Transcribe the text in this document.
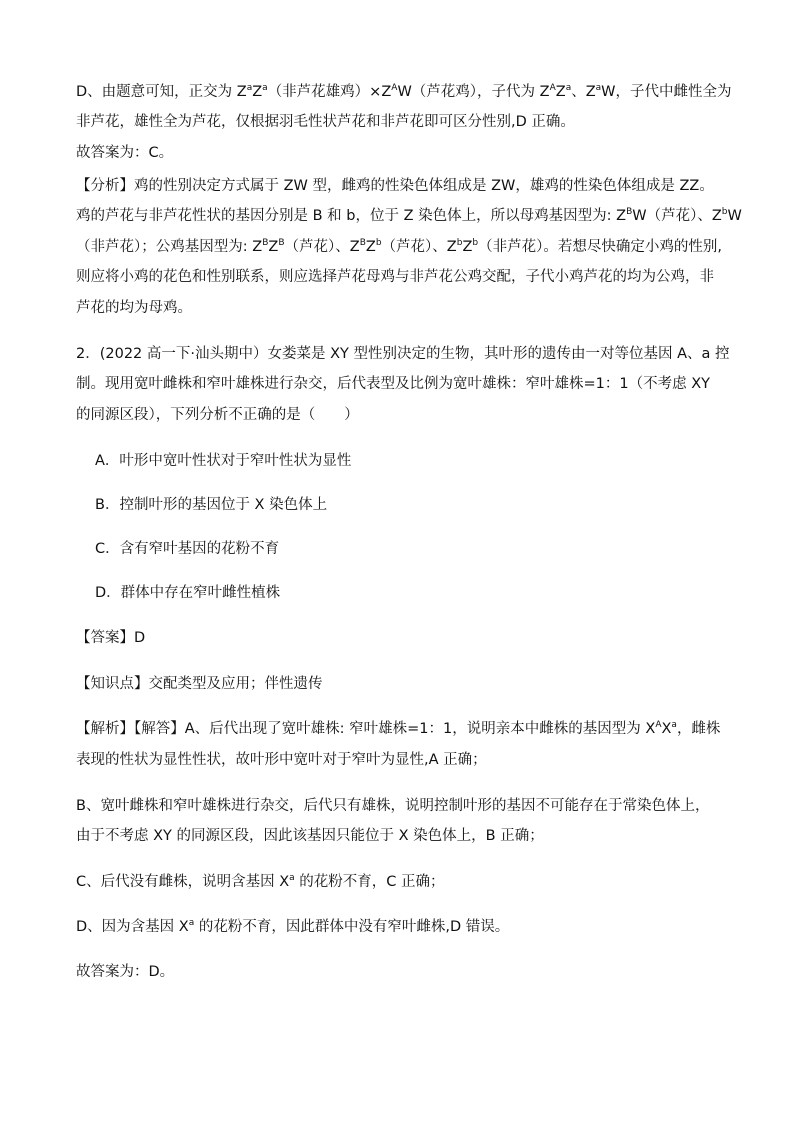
D、由题意可知，正交为 $Z^aZ^a$（非芦花雄鸡）$\times Z^AW$（芦花鸡），子代为 $Z^AZ^a$、$Z^aW$，子代中雌性全为
非芦花，雄性全为芦花，仅根据羽毛性状芦花和非芦花即可区分性别,D 正确。
故答案为：C。
【分析】鸡的性别决定方式属于 ZW 型，雌鸡的性染色体组成是 ZW，雄鸡的性染色体组成是 ZZ。
鸡的芦花与非芦花性状的基因分别是 B 和 b，位于 Z 染色体上，所以母鸡基因型为: $Z^BW$（芦花）、$Z^bW$
（非芦花）；公鸡基因型为: $Z^BZ^B$（芦花）、$Z^BZ^b$（芦花）、$Z^bZ^b$（非芦花）。若想尽快确定小鸡的性别,
则应将小鸡的花色和性别联系，则应选择芦花母鸡与非芦花公鸡交配，子代小鸡芦花的均为公鸡，非
芦花的均为母鸡。
2．(2022 高一下·汕头期中）女娄菜是 XY 型性别决定的生物，其叶形的遗传由一对等位基因 A、a 控
制。现用宽叶雌株和窄叶雄株进行杂交，后代表型及比例为宽叶雄株：窄叶雄株=1：1（不考虑 XY
的同源区段），下列分析不正确的是（　　）
A．叶形中宽叶性状对于窄叶性状为显性
B．控制叶形的基因位于 X 染色体上
C．含有窄叶基因的花粉不育
D．群体中存在窄叶雌性植株
【答案】D
【知识点】交配类型及应用；伴性遗传
【解析】【解答】A、后代出现了宽叶雄株: 窄叶雄株=1：1，说明亲本中雌株的基因型为 $X^AX^a$，雌株
表现的性状为显性性状，故叶形中宽叶对于窄叶为显性,A 正确；
B、宽叶雌株和窄叶雄株进行杂交，后代只有雄株，说明控制叶形的基因不可能存在于常染色体上，
由于不考虑 XY 的同源区段，因此该基因只能位于 X 染色体上，B 正确；
C、后代没有雌株，说明含基因 $X^a$ 的花粉不育，C 正确；
D、因为含基因 $X^a$ 的花粉不育，因此群体中没有窄叶雌株,D 错误。
故答案为：D。
